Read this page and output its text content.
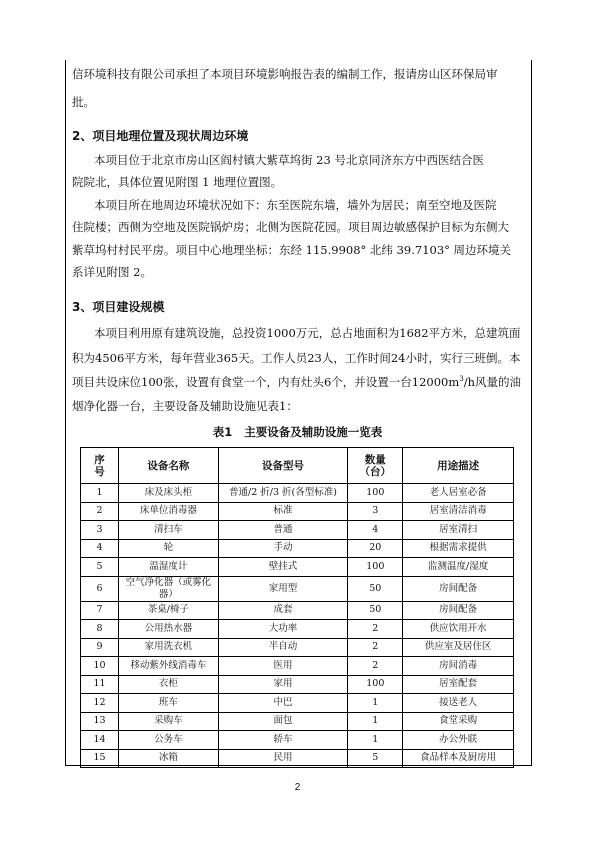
信环境科技有限公司承担了本项目环境影响报告表的编制工作，报请房山区环保局审
批。
2、项目地理位置及现状周边环境
本项目位于北京市房山区阎村镇大紫草坞街 23 号北京同济东方中西医结合医
院院北，具体位置见附图 1 地理位置图。
本项目所在地周边环境状况如下：东至医院东墙，墙外为居民；南至空地及医院
住院楼；西侧为空地及医院锅炉房；北侧为医院花园。项目周边敏感保护目标为东侧大
紫草坞村村民平房。项目中心地理坐标：东经 115.9908° 北纬 39.7103° 周边环境关
系详见附图 2。
3、项目建设规模
本项目利用原有建筑设施，总投资1000万元，总占地面积为1682平方米，总建筑面
积为4506平方米，每年营业365天。工作人员23人，工作时间24小时，实行三班倒。本
项目共设床位100张，设置有食堂一个，内有灶头6个，并设置一台$12000m^3/h$风量的油
烟净化器一台，主要设备及辅助设施见表1：
表1 主要设备及辅助设施一览表
序号	设备名称	设备型号	数量（台）	用途描述
1	床及床头柜	普通/2 折/3 折(各型标准)	100	老人居室必备
2	床单位消毒器	标准	3	居室清洁消毒
3	清扫车	普通	4	居室清扫
4	轮	手动	20	根据需求提供
5	温湿度计	壁挂式	100	监测温度/湿度
6	空气净化器（或雾化器）	家用型	50	房间配备
7	茶桌/椅子	成套	50	房间配备
8	公用热水器	大功率	2	供应饮用开水
9	家用洗衣机	半自动	2	供应室及居住区
10	移动紫外线消毒车	医用	2	房间消毒
11	衣柜	家用	100	居室配套
12	班车	中巴	1	接送老人
13	采购车	面包	1	食堂采购
14	公务车	轿车	1	办公外联
15	冰箱	民用	5	食品样本及厨房用
2
